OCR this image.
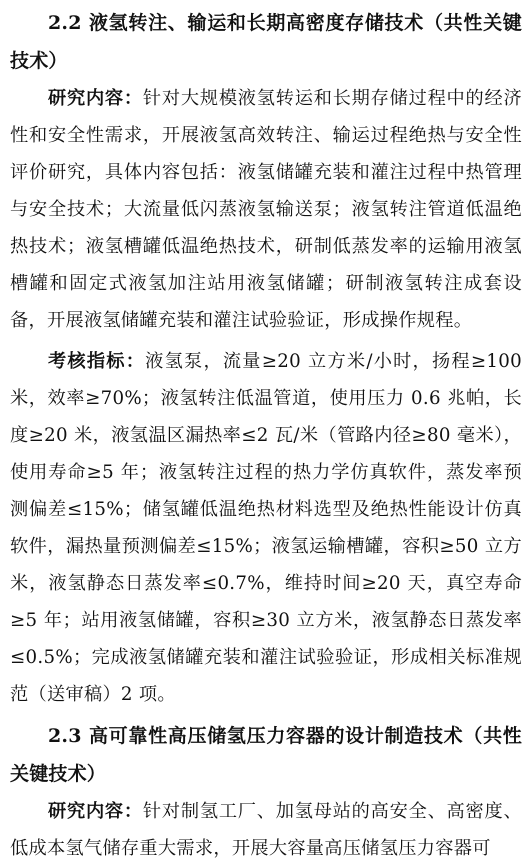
2.2 液氢转注、输运和长期高密度存储技术（共性关键技术）

研究内容：针对大规模液氢转运和长期存储过程中的经济性和安全性需求，开展液氢高效转注、输运过程绝热与安全性评价研究，具体内容包括：液氢储罐充装和灌注过程中热管理与安全技术；大流量低闪蒸液氢输送泵；液氢转注管道低温绝热技术；液氢槽罐低温绝热技术，研制低蒸发率的运输用液氢槽罐和固定式液氢加注站用液氢储罐；研制液氢转注成套设备，开展液氢储罐充装和灌注试验验证，形成操作规程。

考核指标：液氢泵，流量≥20 立方米/小时，扬程≥100 米，效率≥70%；液氢转注低温管道，使用压力 0.6 兆帕，长度≥20 米，液氢温区漏热率≤2 瓦/米（管路内径≥80 毫米），使用寿命≥5 年；液氢转注过程的热力学仿真软件，蒸发率预测偏差≤15%；储氢罐低温绝热材料选型及绝热性能设计仿真软件，漏热量预测偏差≤15%；液氢运输槽罐，容积≥50 立方米，液氢静态日蒸发率≤0.7%，维持时间≥20 天，真空寿命≥5 年；站用液氢储罐，容积≥30 立方米，液氢静态日蒸发率≤0.5%；完成液氢储罐充装和灌注试验验证，形成相关标准规范（送审稿）2 项。

2.3 高可靠性高压储氢压力容器的设计制造技术（共性关键技术）

研究内容：针对制氢工厂、加氢母站的高安全、高密度、低成本氢气储存重大需求，开展大容量高压储氢压力容器可
